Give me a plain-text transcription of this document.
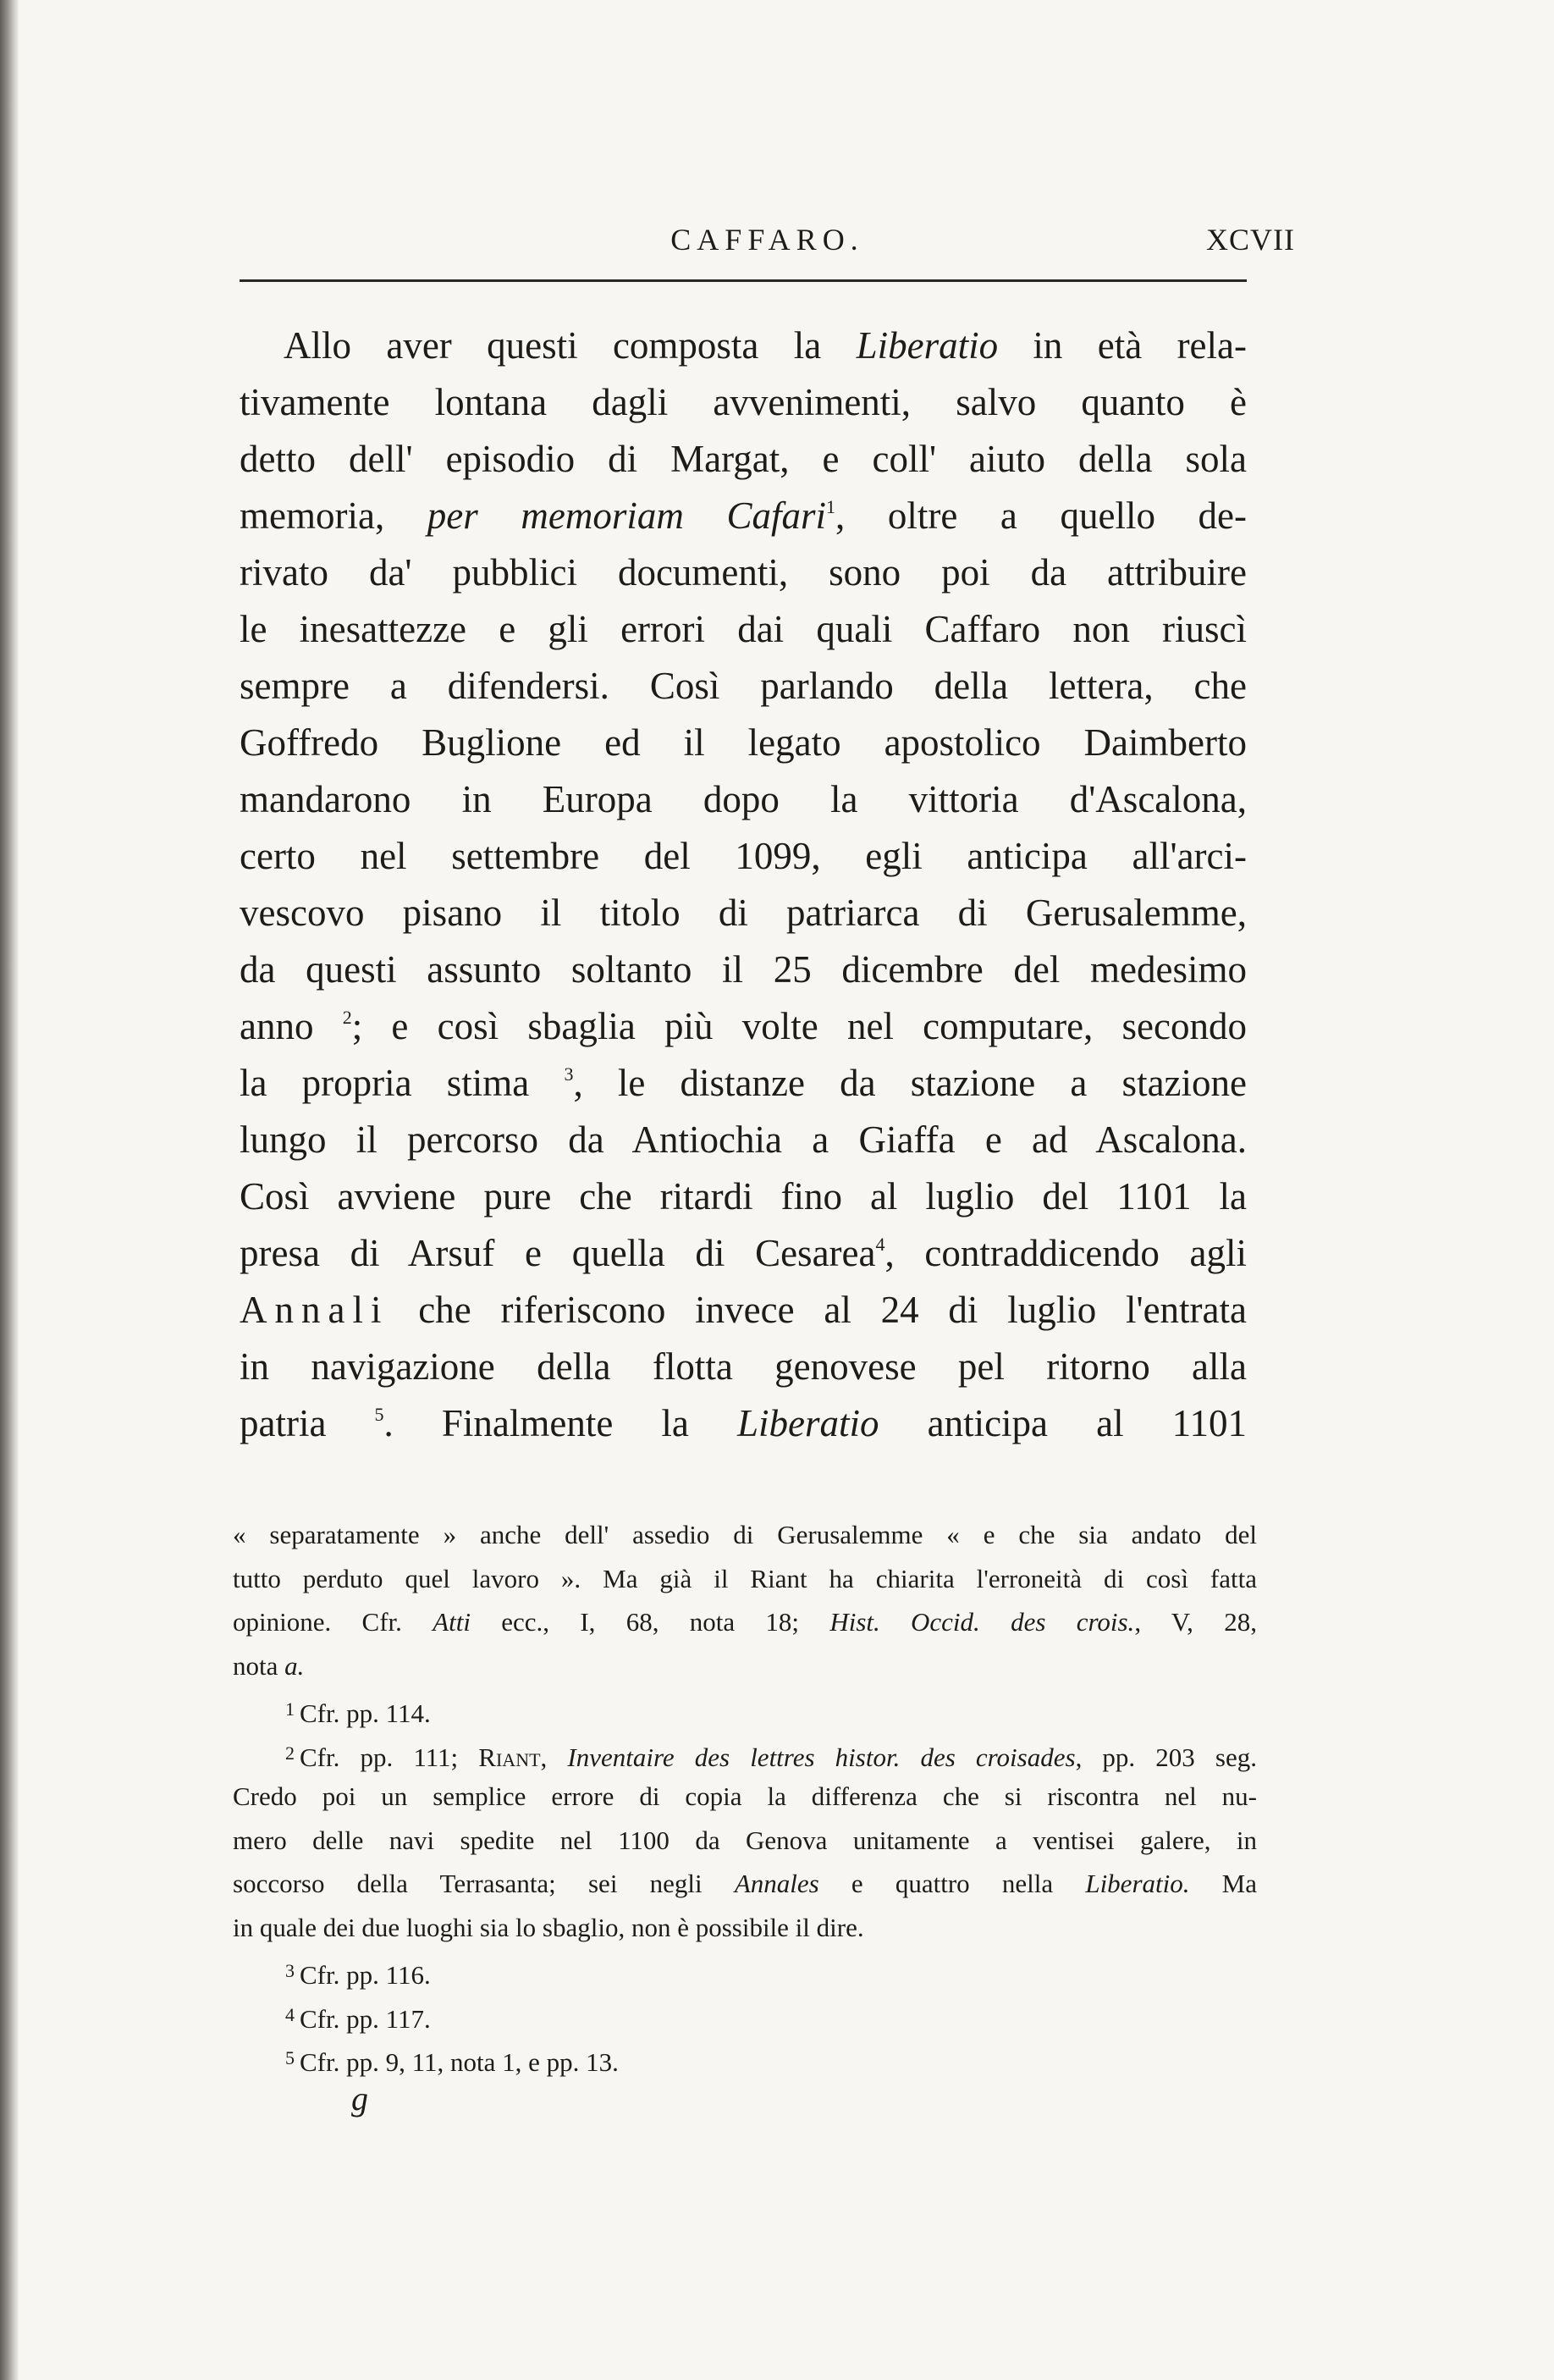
CAFFARO.	XCVII
Allo aver questi composta la Liberatio in età rela-
tivamente lontana dagli avvenimenti, salvo quanto è
detto dell' episodio di Margat, e coll' aiuto della sola
memoria, per memoriam Cafari$^1$, oltre a quello de-
rivato da' pubblici documenti, sono poi da attribuire
le inesattezze e gli errori dai quali Caffaro non riuscì
sempre a difendersi. Così parlando della lettera, che
Goffredo Buglione ed il legato apostolico Daimberto
mandarono in Europa dopo la vittoria d'Ascalona,
certo nel settembre del 1099, egli anticipa all'arci-
vescovo pisano il titolo di patriarca di Gerusalemme,
da questi assunto soltanto il 25 dicembre del medesimo
anno $^2$; e così sbaglia più volte nel computare, secondo
la propria stima $^3$, le distanze da stazione a stazione
lungo il percorso da Antiochia a Giaffa e ad Ascalona.
Così avviene pure che ritardi fino al luglio del 1101 la
presa di Arsuf e quella di Cesarea$^4$, contraddicendo agli
Annali che riferiscono invece al 24 di luglio l'entrata
in navigazione della flotta genovese pel ritorno alla
patria $^5$. Finalmente la Liberatio anticipa al 1101
« separatamente » anche dell' assedio di Gerusalemme « e che sia andato del
tutto perduto quel lavoro ». Ma già il Riant ha chiarita l'erroneità di così fatta
opinione. Cfr. Atti ecc., I, 68, nota 18; Hist. Occid. des crois., V, 28,
nota a.
$^1$ Cfr. pp. 114.
$^2$ Cfr. pp. 111; Riant, Inventaire des lettres histor. des croisades, pp. 203 seg.
Credo poi un semplice errore di copia la differenza che si riscontra nel nu-
mero delle navi spedite nel 1100 da Genova unitamente a ventisei galere, in
soccorso della Terrasanta; sei negli Annales e quattro nella Liberatio. Ma
in quale dei due luoghi sia lo sbaglio, non è possibile il dire.
$^3$ Cfr. pp. 116.
$^4$ Cfr. pp. 117.
$^5$ Cfr. pp. 9, 11, nota 1, e pp. 13.
g
